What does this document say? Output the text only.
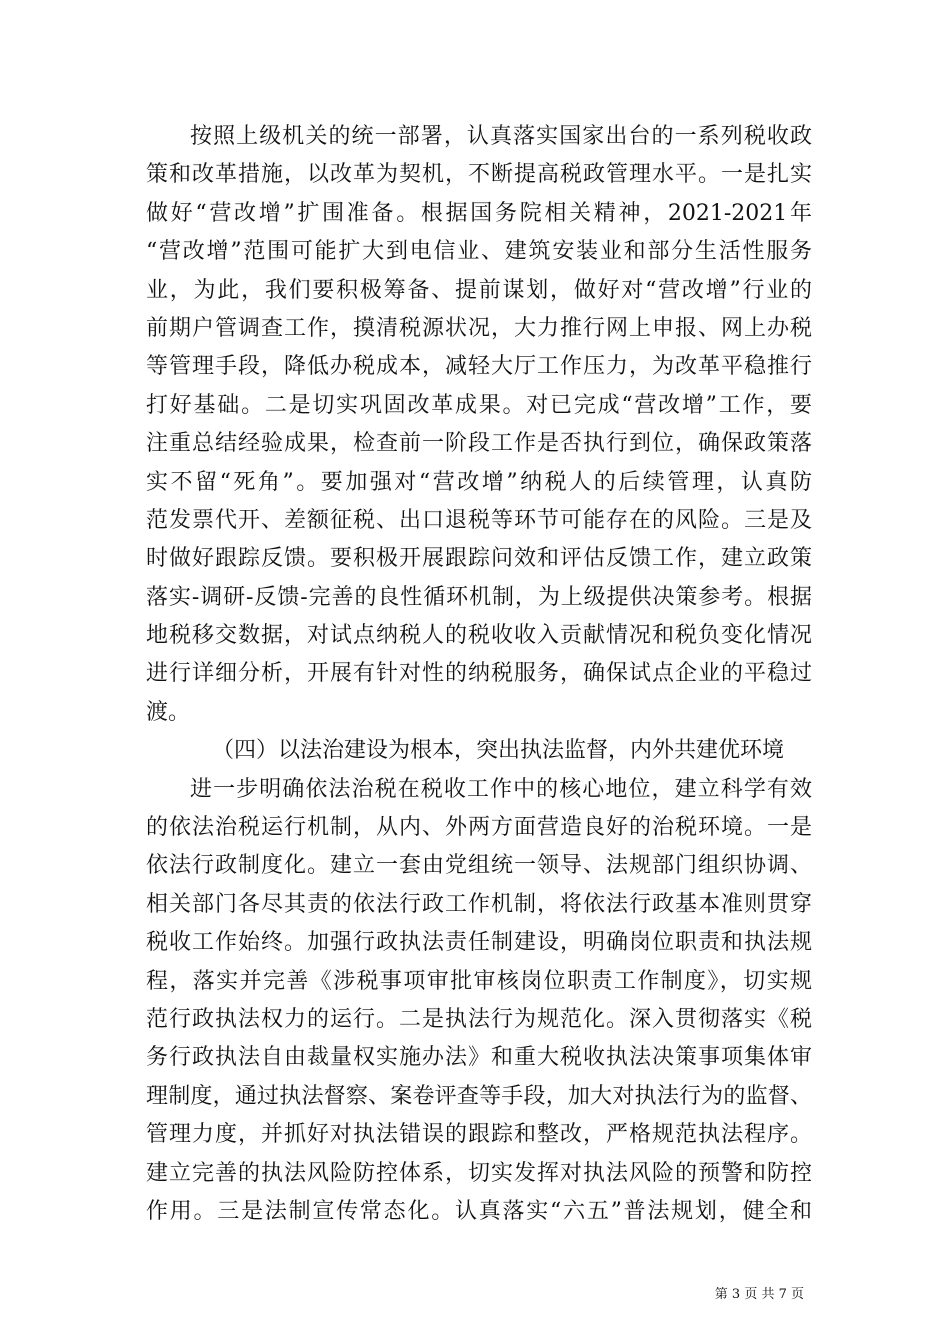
按照上级机关的统一部署，认真落实国家出台的一系列税收政
策和改革措施，以改革为契机，不断提高税政管理水平。一是扎实
做好“营改增”扩围准备。根据国务院相关精神，2021-2021年
“营改增”范围可能扩大到电信业、建筑安装业和部分生活性服务
业，为此，我们要积极筹备、提前谋划，做好对“营改增”行业的
前期户管调查工作，摸清税源状况，大力推行网上申报、网上办税
等管理手段，降低办税成本，减轻大厅工作压力，为改革平稳推行
打好基础。二是切实巩固改革成果。对已完成“营改增”工作，要
注重总结经验成果，检查前一阶段工作是否执行到位，确保政策落
实不留“死角”。要加强对“营改增”纳税人的后续管理，认真防
范发票代开、差额征税、出口退税等环节可能存在的风险。三是及
时做好跟踪反馈。要积极开展跟踪问效和评估反馈工作，建立政策
落实-调研-反馈-完善的良性循环机制，为上级提供决策参考。根据
地税移交数据，对试点纳税人的税收收入贡献情况和税负变化情况
进行详细分析，开展有针对性的纳税服务，确保试点企业的平稳过
渡。
（四）以法治建设为根本，突出执法监督，内外共建优环境
进一步明确依法治税在税收工作中的核心地位，建立科学有效
的依法治税运行机制，从内、外两方面营造良好的治税环境。一是
依法行政制度化。建立一套由党组统一领导、法规部门组织协调、
相关部门各尽其责的依法行政工作机制，将依法行政基本准则贯穿
税收工作始终。加强行政执法责任制建设，明确岗位职责和执法规
程，落实并完善《涉税事项审批审核岗位职责工作制度》，切实规
范行政执法权力的运行。二是执法行为规范化。深入贯彻落实《税
务行政执法自由裁量权实施办法》和重大税收执法决策事项集体审
理制度，通过执法督察、案卷评查等手段，加大对执法行为的监督、
管理力度，并抓好对执法错误的跟踪和整改，严格规范执法程序。
建立完善的执法风险防控体系，切实发挥对执法风险的预警和防控
作用。三是法制宣传常态化。认真落实“六五”普法规划，健全和
第 3 页 共 7 页
